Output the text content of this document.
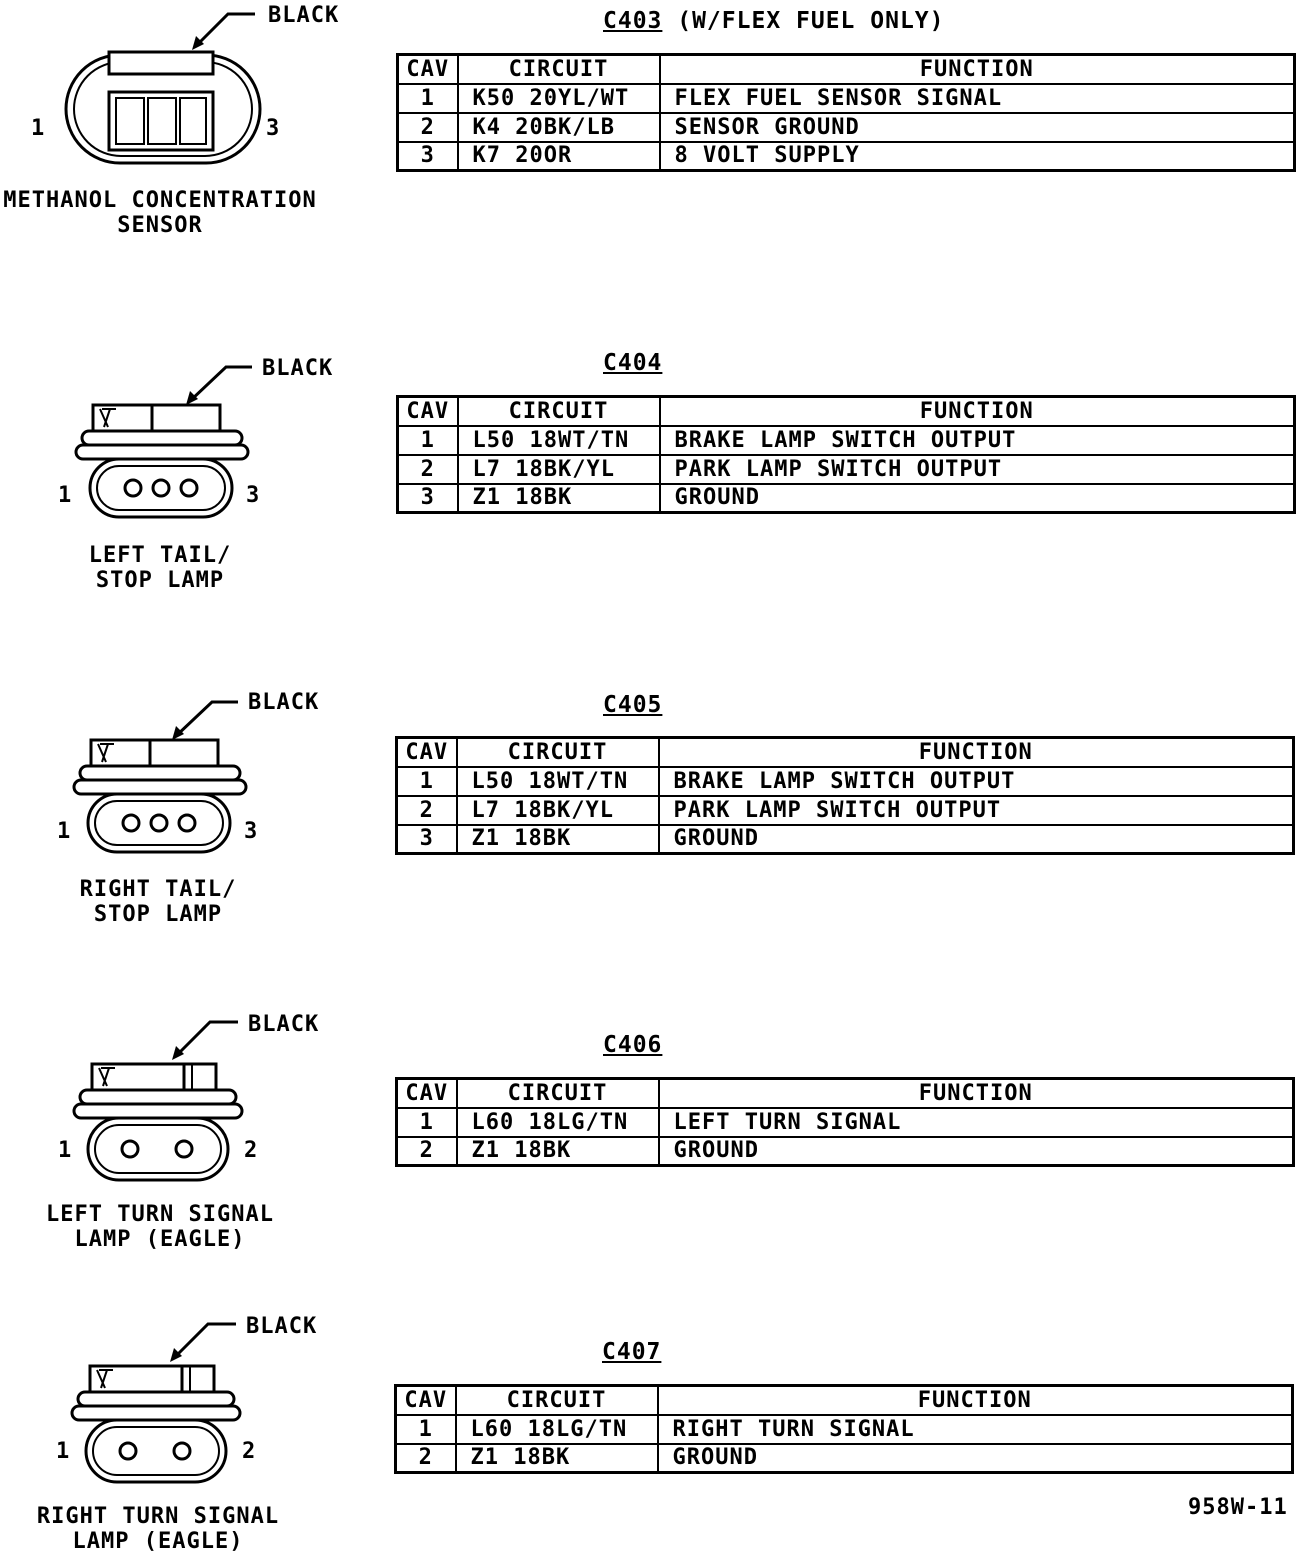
C403 (W/FLEX FUEL ONLY)
BLACK
1	3
METHANOL CONCENTRATION
SENSOR
CAV	CIRCUIT	FUNCTION
1	K50 20YL/WT	FLEX FUEL SENSOR SIGNAL
2	K4 20BK/LB	SENSOR GROUND
3	K7 20OR	8 VOLT SUPPLY
C404
BLACK
1	3
LEFT TAIL/
STOP LAMP
CAV	CIRCUIT	FUNCTION
1	L50 18WT/TN	BRAKE LAMP SWITCH OUTPUT
2	L7 18BK/YL	PARK LAMP SWITCH OUTPUT
3	Z1 18BK	GROUND
C405
BLACK
1	3
RIGHT TAIL/
STOP LAMP
CAV	CIRCUIT	FUNCTION
1	L50 18WT/TN	BRAKE LAMP SWITCH OUTPUT
2	L7 18BK/YL	PARK LAMP SWITCH OUTPUT
3	Z1 18BK	GROUND
C406
BLACK
1	2
LEFT TURN SIGNAL
LAMP (EAGLE)
CAV	CIRCUIT	FUNCTION
1	L60 18LG/TN	LEFT TURN SIGNAL
2	Z1 18BK	GROUND
C407
BLACK
1	2
RIGHT TURN SIGNAL
LAMP (EAGLE)
CAV	CIRCUIT	FUNCTION
1	L60 18LG/TN	RIGHT TURN SIGNAL
2	Z1 18BK	GROUND
958W-11
